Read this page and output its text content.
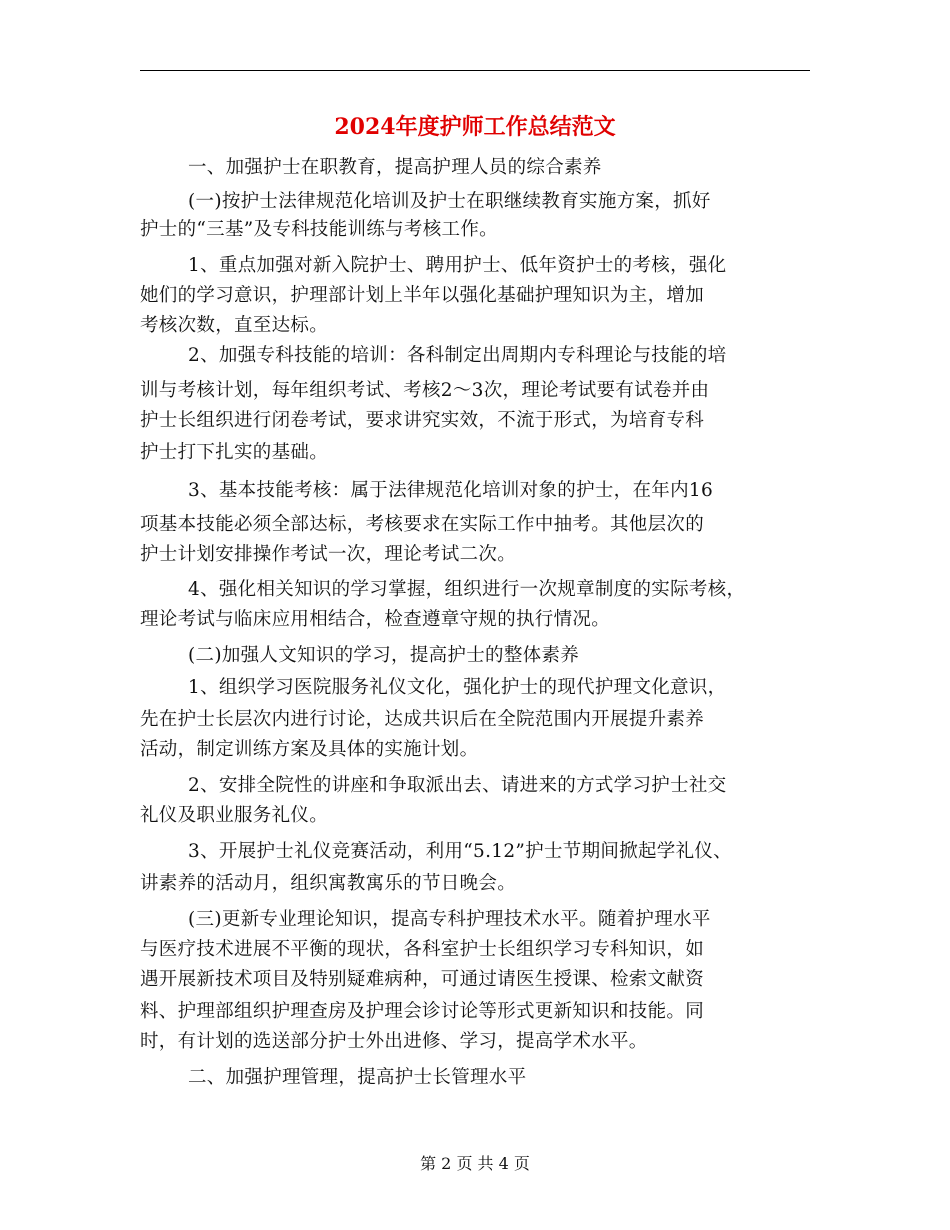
2024年度护师工作总结范文
一、加强护士在职教育，提高护理人员的综合素养
(一)按护士法律规范化培训及护士在职继续教育实施方案，抓好
护士的“三基”及专科技能训练与考核工作。
1、重点加强对新入院护士、聘用护士、低年资护士的考核，强化
她们的学习意识，护理部计划上半年以强化基础护理知识为主，增加
考核次数，直至达标。
2、加强专科技能的培训：各科制定出周期内专科理论与技能的培
训与考核计划，每年组织考试、考核2～3次，理论考试要有试卷并由
护士长组织进行闭卷考试，要求讲究实效，不流于形式，为培育专科
护士打下扎实的基础。
3、基本技能考核：属于法律规范化培训对象的护士，在年内16
项基本技能必须全部达标，考核要求在实际工作中抽考。其他层次的
护士计划安排操作考试一次，理论考试二次。
4、强化相关知识的学习掌握，组织进行一次规章制度的实际考核，
理论考试与临床应用相结合，检查遵章守规的执行情况。
(二)加强人文知识的学习，提高护士的整体素养
1、组织学习医院服务礼仪文化，强化护士的现代护理文化意识，
先在护士长层次内进行讨论，达成共识后在全院范围内开展提升素养
活动，制定训练方案及具体的实施计划。
2、安排全院性的讲座和争取派出去、请进来的方式学习护士社交
礼仪及职业服务礼仪。
3、开展护士礼仪竞赛活动，利用“5.12”护士节期间掀起学礼仪、
讲素养的活动月，组织寓教寓乐的节日晚会。
(三)更新专业理论知识，提高专科护理技术水平。随着护理水平
与医疗技术进展不平衡的现状，各科室护士长组织学习专科知识，如
遇开展新技术项目及特别疑难病种，可通过请医生授课、检索文献资
料、护理部组织护理查房及护理会诊讨论等形式更新知识和技能。同
时，有计划的选送部分护士外出进修、学习，提高学术水平。
二、加强护理管理，提高护士长管理水平
第 2 页 共 4 页
